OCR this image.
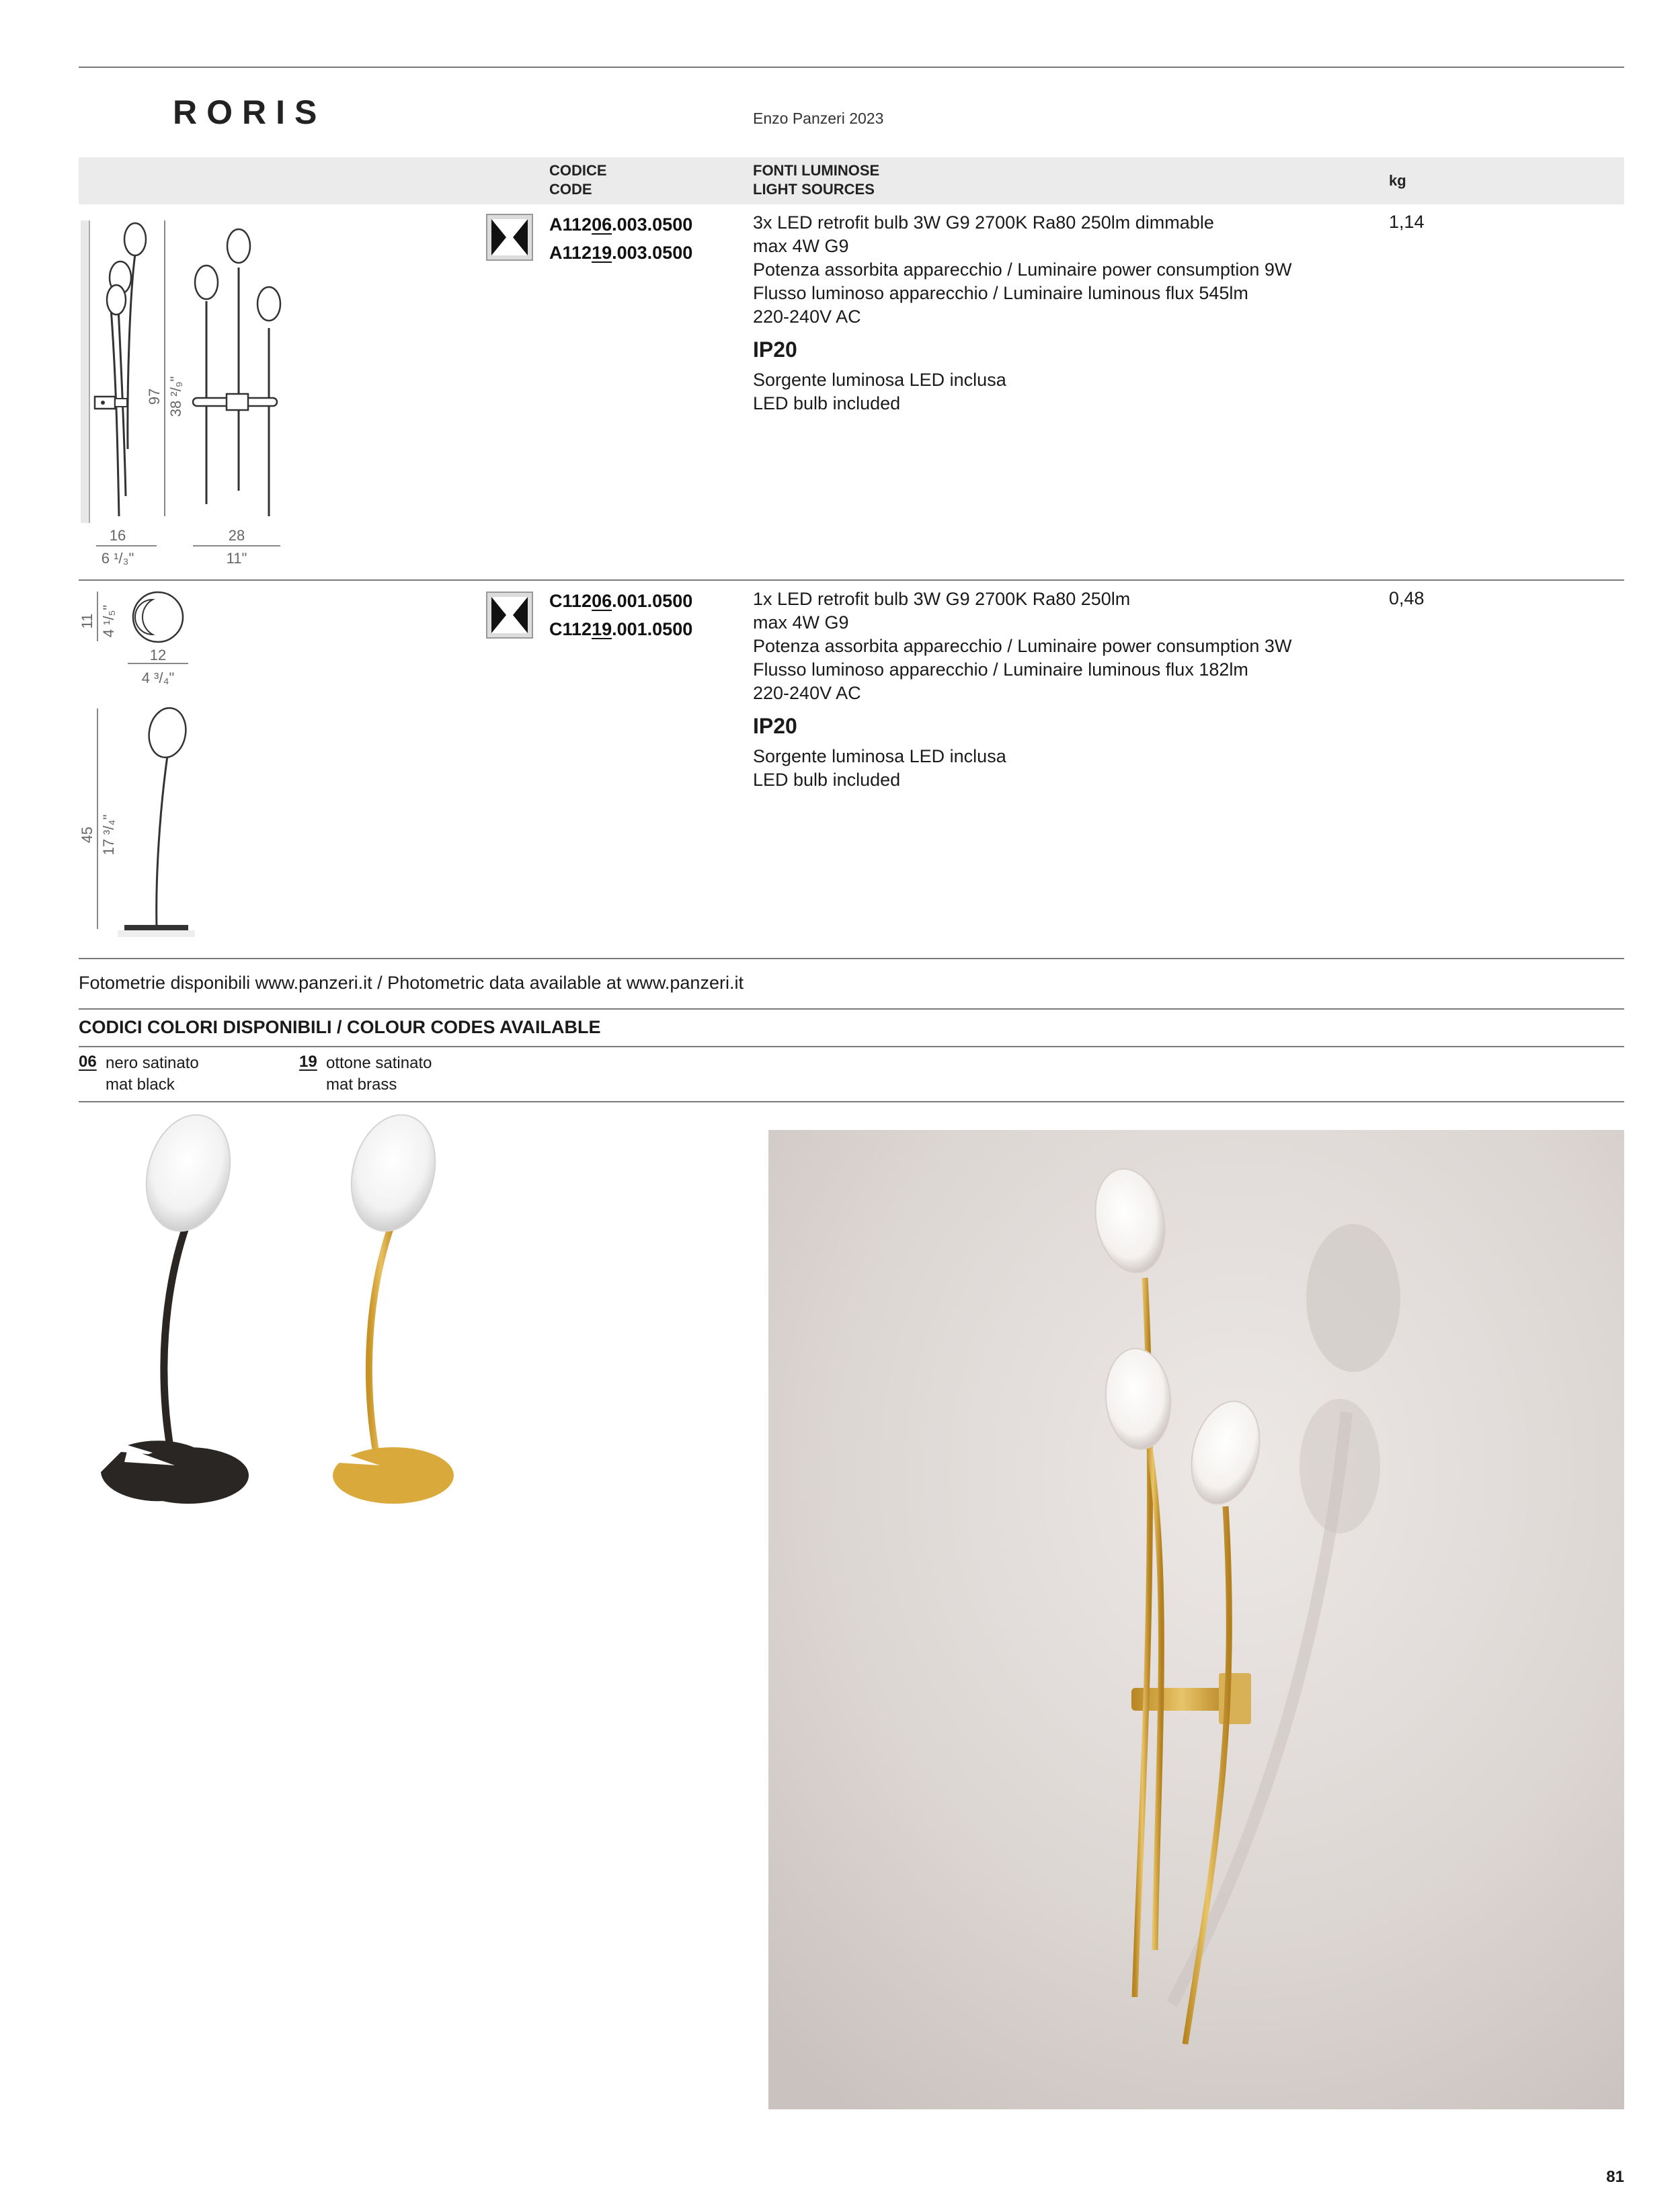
RORIS	Enzo Panzeri 2023
CODICE
CODE
FONTI LUMINOSE
LIGHT SOURCES
kg
97 38 ²/₉"
16
6 ¹/₃"
28
11"
A11206.003.0500
A11219.003.0500
3x LED retrofit bulb 3W G9 2700K Ra80 250lm dimmable
max 4W G9
Potenza assorbita apparecchio / Luminaire power consumption 9W
Flusso luminoso apparecchio / Luminaire luminous flux 545lm
220-240V AC
IP20
Sorgente luminosa LED inclusa
LED bulb included
1,14
11 4 ¹/₅"
12
4 ³/₄"
45 17 ³/₄"
C11206.001.0500
C11219.001.0500
1x LED retrofit bulb 3W G9 2700K Ra80 250lm
max 4W G9
Potenza assorbita apparecchio / Luminaire power consumption 3W
Flusso luminoso apparecchio / Luminaire luminous flux 182lm
220-240V AC
IP20
Sorgente luminosa LED inclusa
LED bulb included
0,48
Fotometrie disponibili www.panzeri.it / Photometric data available at www.panzeri.it
CODICI COLORI DISPONIBILI / COLOUR CODES AVAILABLE
06 nero satinato
mat black
19 ottone satinato
mat brass
81
